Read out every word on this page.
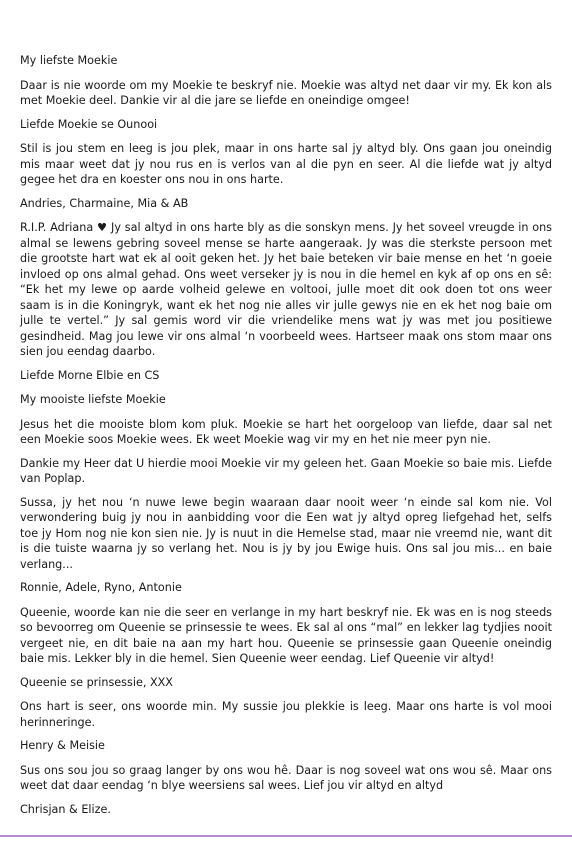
My liefste Moekie

Daar is nie woorde om my Moekie te beskryf nie. Moekie was altyd net daar vir my. Ek kon als met Moekie deel. Dankie vir al die jare se liefde en oneindige omgee!

Liefde Moekie se Ounooi

Stil is jou stem en leeg is jou plek, maar in ons harte sal jy altyd bly. Ons gaan jou oneindig mis maar weet dat jy nou rus en is verlos van al die pyn en seer. Al die liefde wat jy altyd gegee het dra en koester ons nou in ons harte.

Andries, Charmaine, Mia & AB

R.I.P. Adriana ♥ Jy sal altyd in ons harte bly as die sonskyn mens. Jy het soveel vreugde in ons almal se lewens gebring soveel mense se harte aangeraak. Jy was die sterkste persoon met die grootste hart wat ek al ooit geken het. Jy het baie beteken vir baie mense en het ‘n goeie invloed op ons almal gehad. Ons weet verseker jy is nou in die hemel en kyk af op ons en sê: “Ek het my lewe op aarde volheid gelewe en voltooi, julle moet dit ook doen tot ons weer saam is in die Koningryk, want ek het nog nie alles vir julle gewys nie en ek het nog baie om julle te vertel.” Jy sal gemis word vir die vriendelike mens wat jy was met jou positiewe gesindheid. Mag jou lewe vir ons almal ‘n voorbeeld wees. Hartseer maak ons stom maar ons sien jou eendag daarbo.

Liefde Morne Elbie en CS

My mooiste liefste Moekie

Jesus het die mooiste blom kom pluk. Moekie se hart het oorgeloop van liefde, daar sal net een Moekie soos Moekie wees. Ek weet Moekie wag vir my en het nie meer pyn nie.

Dankie my Heer dat U hierdie mooi Moekie vir my geleen het. Gaan Moekie so baie mis. Liefde van Poplap.

Sussa, jy het nou ‘n nuwe lewe begin waaraan daar nooit weer ‘n einde sal kom nie. Vol verwondering buig jy nou in aanbidding voor die Een wat jy altyd opreg liefgehad het, selfs toe jy Hom nog nie kon sien nie. Jy is nuut in die Hemelse stad, maar nie vreemd nie, want dit is die tuiste waarna jy so verlang het. Nou is jy by jou Ewige huis. Ons sal jou mis... en baie verlang...

Ronnie, Adele, Ryno, Antonie

Queenie, woorde kan nie die seer en verlange in my hart beskryf nie. Ek was en is nog steeds so bevoorreg om Queenie se prinsessie te wees. Ek sal al ons “mal” en lekker lag tydjies nooit vergeet nie, en dit baie na aan my hart hou. Queenie se prinsessie gaan Queenie oneindig baie mis. Lekker bly in die hemel. Sien Queenie weer eendag. Lief Queenie vir altyd!

Queenie se prinsessie, XXX

Ons hart is seer, ons woorde min. My sussie jou plekkie is leeg. Maar ons harte is vol mooi herinneringe.

Henry & Meisie

Sus ons sou jou so graag langer by ons wou hê. Daar is nog soveel wat ons wou sê. Maar ons weet dat daar eendag ‘n blye weersiens sal wees. Lief jou vir altyd en altyd

Chrisjan & Elize.
